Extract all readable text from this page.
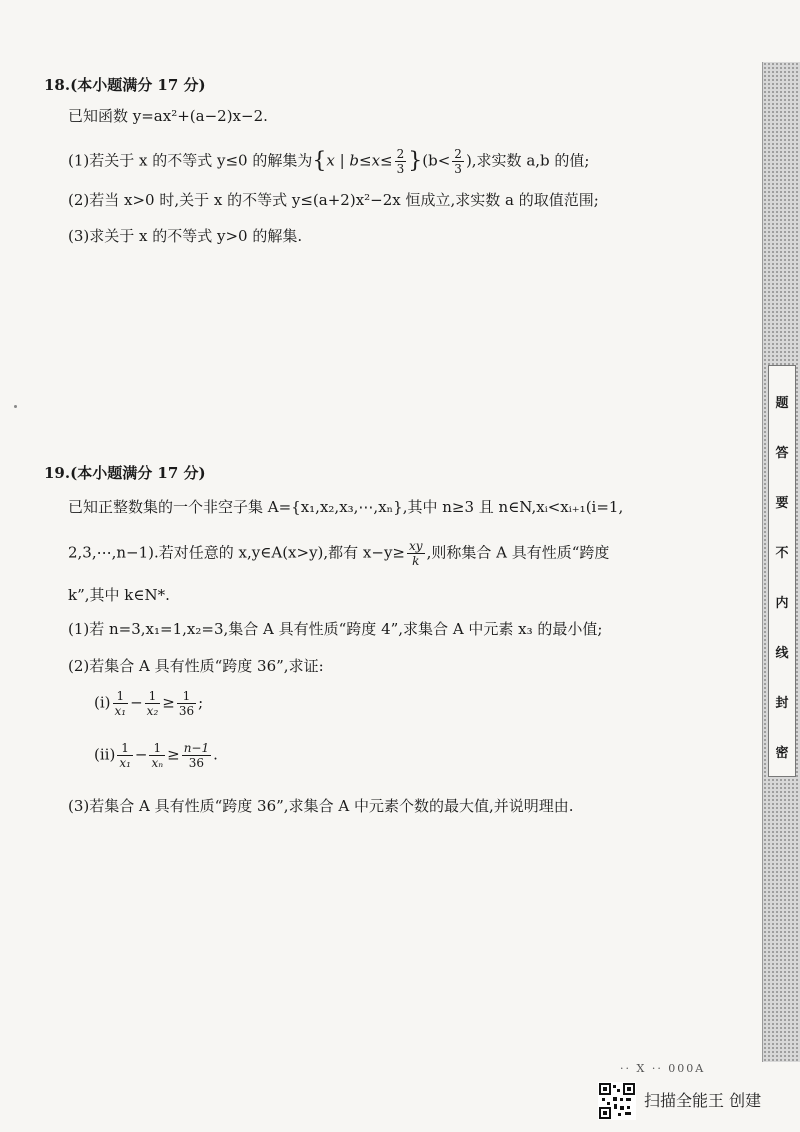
18.(本小题满分 17 分)
已知函数 y=ax²+(a−2)x−2.
(1)若关于 x 的不等式 y≤0 的解集为{x | $b\le x\le \frac{2}{3} \}(b< \frac{2}{3}$ ),求实数 a,b 的值;
(2)若当 x>0 时,关于 x 的不等式 y≤(a+2)x²−2x 恒成立,求实数 a 的取值范围;
(3)求关于 x 的不等式 y>0 的解集.
19.(本小题满分 17 分)
已知正整数集的一个非空子集 A={x₁,x₂,x₃,⋯,xₙ},其中 n≥3 且 n∈N,xᵢ<xᵢ₊₁(i=1,
2,3,⋯,n−1).若对任意的 x,y∈A(x>y),都有 $x-y\ge \frac{xy}{k}$ ,则称集合 A 具有性质“跨度
k”,其中 k∈N*.
(1)若 n=3,x₁=1,x₂=3,集合 A 具有性质“跨度 4”,求集合 A 中元素 x₃ 的最小值;
(2)若集合 A 具有性质“跨度 36”,求证:
(ⅰ) $\frac{1}{\text{x₁}} - \frac{1}{\text{x₂}} \ge \frac{1}{36}$ ;
(ⅱ) $\frac{1}{\text{x₁}} - \frac{1}{\text{xₙ}} \ge \frac{n-1}{36}$ .
(3)若集合 A 具有性质“跨度 36”,求集合 A 中元素个数的最大值,并说明理由.
题
答
要
不
内
线
封
密
·· X ·· 000A
扫描全能王 创建
